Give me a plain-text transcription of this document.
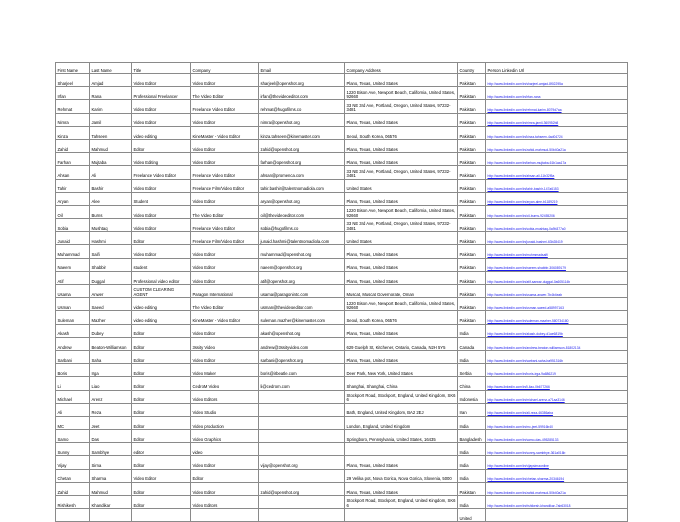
First Name	Last Name	Title	Company	Email	Company Address	Country	Person Linkedin Url
Sharjeel	Amjad	Video Editor	Video Editor	sharjeel@openshot.org	Plano, Texas, United States	Pakistan	http://www.linkedin.com/in/sharjeel-amjad-8f02295a
Irfan	Rana	Professional Freelancer	The Video Editor	irfan@thevideoeditor.com	1220 Bison Ave, Newport Beach, California, United States, 92660	Pakistan	http://www.linkedin.com/in/irfan-rana
Rehmat	Karim	Video Editor	Freelance Video Editor	rehmat@hugofilms.co	33 NE 3rd Ave, Portland, Oregon, United States, 97232-3481	Pakistan	http://www.linkedin.com/in/rehmat-karim-8079d7aa
Nimra	Jamil	Video Editor	Video Editor	nimra@openshot.org	Plano, Texas, United States	Pakistan	http://www.linkedin.com/in/nimra-jamil-360952b8
Kinza	Tahseen	video editing	KineMaster - Video Editor	kinza.tahseen@kinemaster.com	Seoul, South Korea, 06576	Pakistan	http://www.linkedin.com/in/kinza-tahseen-4ad04724
Zahid	Mahmud	Editor	Video Editor	zahid@openshot.org	Plano, Texas, United States	Pakistan	http://www.linkedin.com/in/zahid-mahmud-50b40a21a
Farhan	Mujtaba	Video Editing	Video Editor	farhan@openshot.org	Plano, Texas, United States	Pakistan	http://www.linkedin.com/in/farhan-mujtaba-61b1aa17a
Ahsan	Ali	Freelance Video Editor	Freelance Video Editor	ahsan@promenca.com	33 NE 3rd Ave, Portland, Oregon, United States, 97232-3481	Pakistan	http://www.linkedin.com/in/ahsan-ali-11b32f5a
Tahir	Bashir	Video Editor	Freelance Film/Video Editor	tahir.bashir@talentnomadiola.com	United States	Pakistan	http://www.linkedin.com/in/tahir-bashir-147a6153
Aryan	Alee	Student	Video Editor	aryan@openshot.org	Plano, Texas, United States	Pakistan	http://www.linkedin.com/in/aryan-alee-b1189219
Oil	Burns	Video Editor	The Video Editor	oil@thevideoeditor.com	1220 Bison Ave, Newport Beach, California, United States, 92660	Pakistan	http://www.linkedin.com/in/oil-burns-92455206
Sobia	Mushtaq	Video Editor	Freelance Video Editor	sobia@hugofilms.co	33 NE 3rd Ave, Portland, Oregon, United States, 97232-3481	Pakistan	http://www.linkedin.com/in/sobia-mushtaq-0a9b377a0
Junaid	Hashmi	Editor	Freelance Film/Video Editor	junaid.hashmi@talentnomadiola.com	United States	Pakistan	http://www.linkedin.com/in/junaid-hashmi-63b28419
Muhammad	Saifi	Video Editor	Video Editor	muhammad@openshot.org	Plano, Texas, United States	Pakistan	http://www.linkedin.com/in/muhmmadsaifi
Naeem	Shabbir	student	Video Editor	naeem@openshot.org	Plano, Texas, United States	Pakistan	http://www.linkedin.com/in/naeem-shabbir-306089179
Atif	Duggal	Professional video editor	Video Editor	atif@openshot.org	Plano, Texas, United States	Pakistan	http://www.linkedin.com/in/atif-sarwar-duggal-0a605114b
Usama	Anwer	CUSTOM CLEARING AGENT	Paragon International	usama@paragonintc.com	Muscat, Muscat Governorate, Oman	Pakistan	http://www.linkedin.com/in/usama-anwer-7b4b4eab
Usman	Saeed	video editing	The Video Editor	usman@thevideoeditor.com	1220 Bison Ave, Newport Beach, California, United States, 92660	Pakistan	http://www.linkedin.com/in/usman-saeed-a58997163
Suleman	Mazher	video editing	KineMaster - Video Editor	suleman.mazher@kinemaster.com	Seoul, South Korea, 06576	Pakistan	http://www.linkedin.com/in/suleman-mazher-580734180
Akash	Dubey	Editor	Video Editor	akash@openshot.org	Plano, Texas, United States	India	http://www.linkedin.com/in/akash-dubey-d1ae6819b
Andrew	Beaton-Williamson	Editor	3ssity Video	andrew@3ssityvideo.com	629 Guelph St, Kitchener, Ontario, Canada, N2H 5Y5	Canada	http://www.linkedin.com/in/andrew-beaton-williamson-81802134
Sarbani	Saha	Editor	Video Editor	sarbani@openshot.org	Plano, Texas, United States	India	http://www.linkedin.com/in/sarbani-saha-ba951316b
Boris	Irga	Editor	Video Maker	boris@irbeatle.com	Deer Park, New York, United States	Serbia	http://www.linkedin.com/in/boris-irga-9a886219
Li	Liao	Editor	CedroM Video	li@cedrom.com	Shanghai, Shanghai, China	China	http://www.linkedin.com/in/li-liao-0b677266
Michael	Arenz	Editor	Video Editors		Stockport Road, Stockport, England, United Kingdom, SK6 6	Indonesia	http://www.linkedin.com/in/michael-arenz-a71aa3146
Ali	Reza	Editor	Video Studio		Bath, England, United Kingdom, BA2 2EJ	Iran	http://www.linkedin.com/in/ali-reza-46386aba
MC	Jeet	Editor	Video production		London, England, United Kingdom	India	http://www.linkedin.com/in/mc-jeet-59916b40
Samo	Das	Editor	Video Graphics		Springboro, Pennsylvania, United States, 16435	Bangladesh	http://www.linkedin.com/in/samo-das-495285133
Sunny	Sambhye	editor	video			India	http://www.linkedin.com/in/sunny-sambhye-361a016b
Vijay	Sirna	Editor	Video Editor	vijay@openshot.org	Plano, Texas, United States	India	http://www.linkedin.com/in/vijaysirnaonline
Chetan	Sharma	Video Editor	Editor		29 Velika pot, Nova Gorica, Nova Gorica, Slovenia, 5000	India	http://www.linkedin.com/in/chetan-sharma-20346194
Zahid	Mahmud	Editor	Video Editor	zahid@openshot.org	Plano, Texas, United States	Pakistan	http://www.linkedin.com/in/zahid-mahmud-50b40a21a
Rishikesh	Khandikar	Editor	Video Editors		Stockport Road, Stockport, England, United Kingdom, SK6 6	India	http://www.linkedin.com/in/rishikesh-khandikar-7ab63018
						United	
